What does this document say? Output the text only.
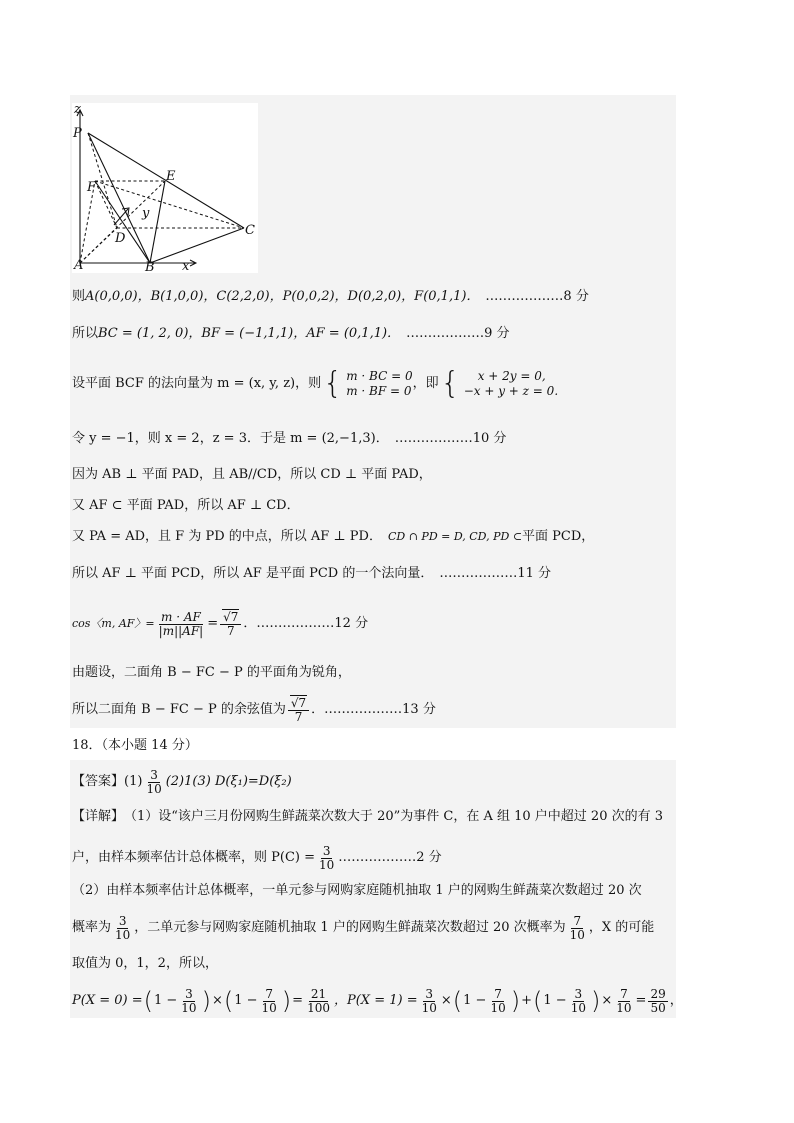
z
P
E
F
y
D
C
A	B x
则 A(0,0,0)，B(1,0,0)，C(2,2,0)，P(0,0,2)，D(0,2,0)，F(0,1,1)． ………………8 分
所以 BC = (1, 2, 0)， BF = (−1,1,1)， AF = (0,1,1)． ………………9 分
设平面 BCF 的法向量为 m = (x, y, z)，则 { m · BC = 0
m · BF = 0 ，即 {	x + 2y = 0,
−x + y + z = 0.
令 y = −1，则 x = 2，z = 3．于是 m = (2,−1,3)． ………………10 分
因为 AB ⊥ 平面 PAD，且 AB//CD，所以 CD ⊥ 平面 PAD，
又 AF ⊂ 平面 PAD，所以 AF ⊥ CD．
又 PA = AD，且 F 为 PD 的中点，所以 AF ⊥ PD． CD ∩ PD = D, CD, PD ⊂ 平面 PCD，
所以 AF ⊥ 平面 PCD，所以 AF 是平面 PCD 的一个法向量． ………………11 分
cos〈m, AF〉= $\frac{m \cdot AF}{|m||AF|}$ = √ $\frac{7}{7}$ ．………………12 分
由题设，二面角 B − FC − P 的平面角为锐角，
所以二面角 B − FC − P 的余弦值为 √ $\frac{7}{7}$ ．………………13 分
18．（本小题 14 分）
【答案】 $(1) \frac{3}{10} (2)1(3)$ D(ξ₁)=D(ξ₂)
【详解】 （1）设“该户三月份网购生鲜蔬菜次数大于 20”为事件 C，在 A 组 10 户中超过 20 次的有 3
户，由样本频率估计总体概率，则 $P(C) = \frac{3}{10}$ ………………2 分
（2）由样本频率估计总体概率，一单元参与网购家庭随机抽取 1 户的网购生鲜蔬菜次数超过 20 次
概率为 $\frac{3}{10}$ ，二单元参与网购家庭随机抽取 1 户的网购生鲜蔬菜次数超过 20 次概率为 $\frac{7}{10}$ ，X 的可能
取值为 0，1，2，所以，
P(X = 0) = ( $1 - \frac{3}{10}$ ) × ( $1 - \frac{7}{10}$ ) = $\frac{21}{100}$ ，$P(X = 1) = \frac{3}{10}$ × ( $1 - \frac{7}{10}$ ) + ( $1 - \frac{3}{10}$ ) × $\frac{7}{10} = \frac{29}{50}$ ，
